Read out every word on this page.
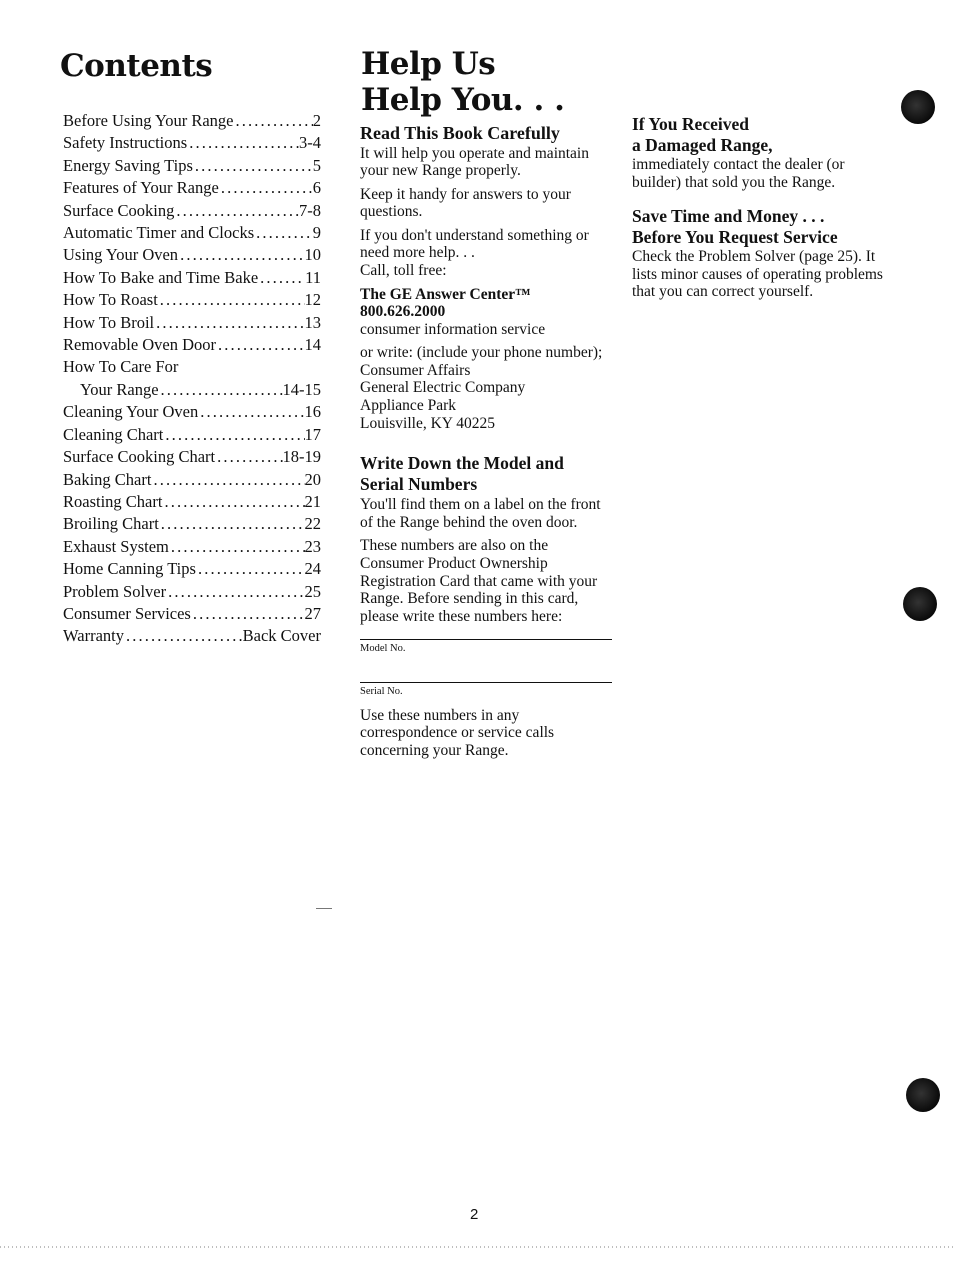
Contents
Before Using Your Range . . .	2
Safety Instructions . . .	3-4
Energy Saving Tips . . .	5
Features of Your Range . . .	6
Surface Cooking . . .	7-8
Automatic Timer and Clocks . . .	9
Using Your Oven . . .	10
How To Bake and Time Bake . . .	11
How To Roast . . .	12
How To Broil . . .	13
Removable Oven Door . . .	14
How To Care For
Your Range . . .	14-15
Cleaning Your Oven . . .	16
Cleaning Chart . . .	17
Surface Cooking Chart . . .	18-19
Baking Chart . . .	20
Roasting Chart . . .	21
Broiling Chart . . .	22
Exhaust System . . .	23
Home Canning Tips . . .	24
Problem Solver . . .	25
Consumer Services . . .	27
Warranty . . .	Back Cover
Help Us
Help You. . .
Read This Book Carefully

It will help you operate and maintain your new Range properly.

Keep it handy for answers to your questions.

If you don't understand something or need more help. . .

Call, toll free:

The GE Answer Center™
800.626.2000

consumer information service

or write: (include your phone number);

Consumer Affairs
General Electric Company
Appliance Park
Louisville, KY 40225
Write Down the Model and
Serial Numbers

You'll find them on a label on the front of the Range behind the oven door.

These numbers are also on the Consumer Product Ownership Registration Card that came with your Range. Before sending in this card, please write these numbers here:

Model No.
Serial No.

Use these numbers in any correspondence or service calls concerning your Range.

If You Received
a Damaged Range,

immediately contact the dealer (or builder) that sold you the Range.

Save Time and Money . . .
Before You Request Service

Check the Problem Solver (page 25). It lists minor causes of operating problems that you can correct yourself.

2
